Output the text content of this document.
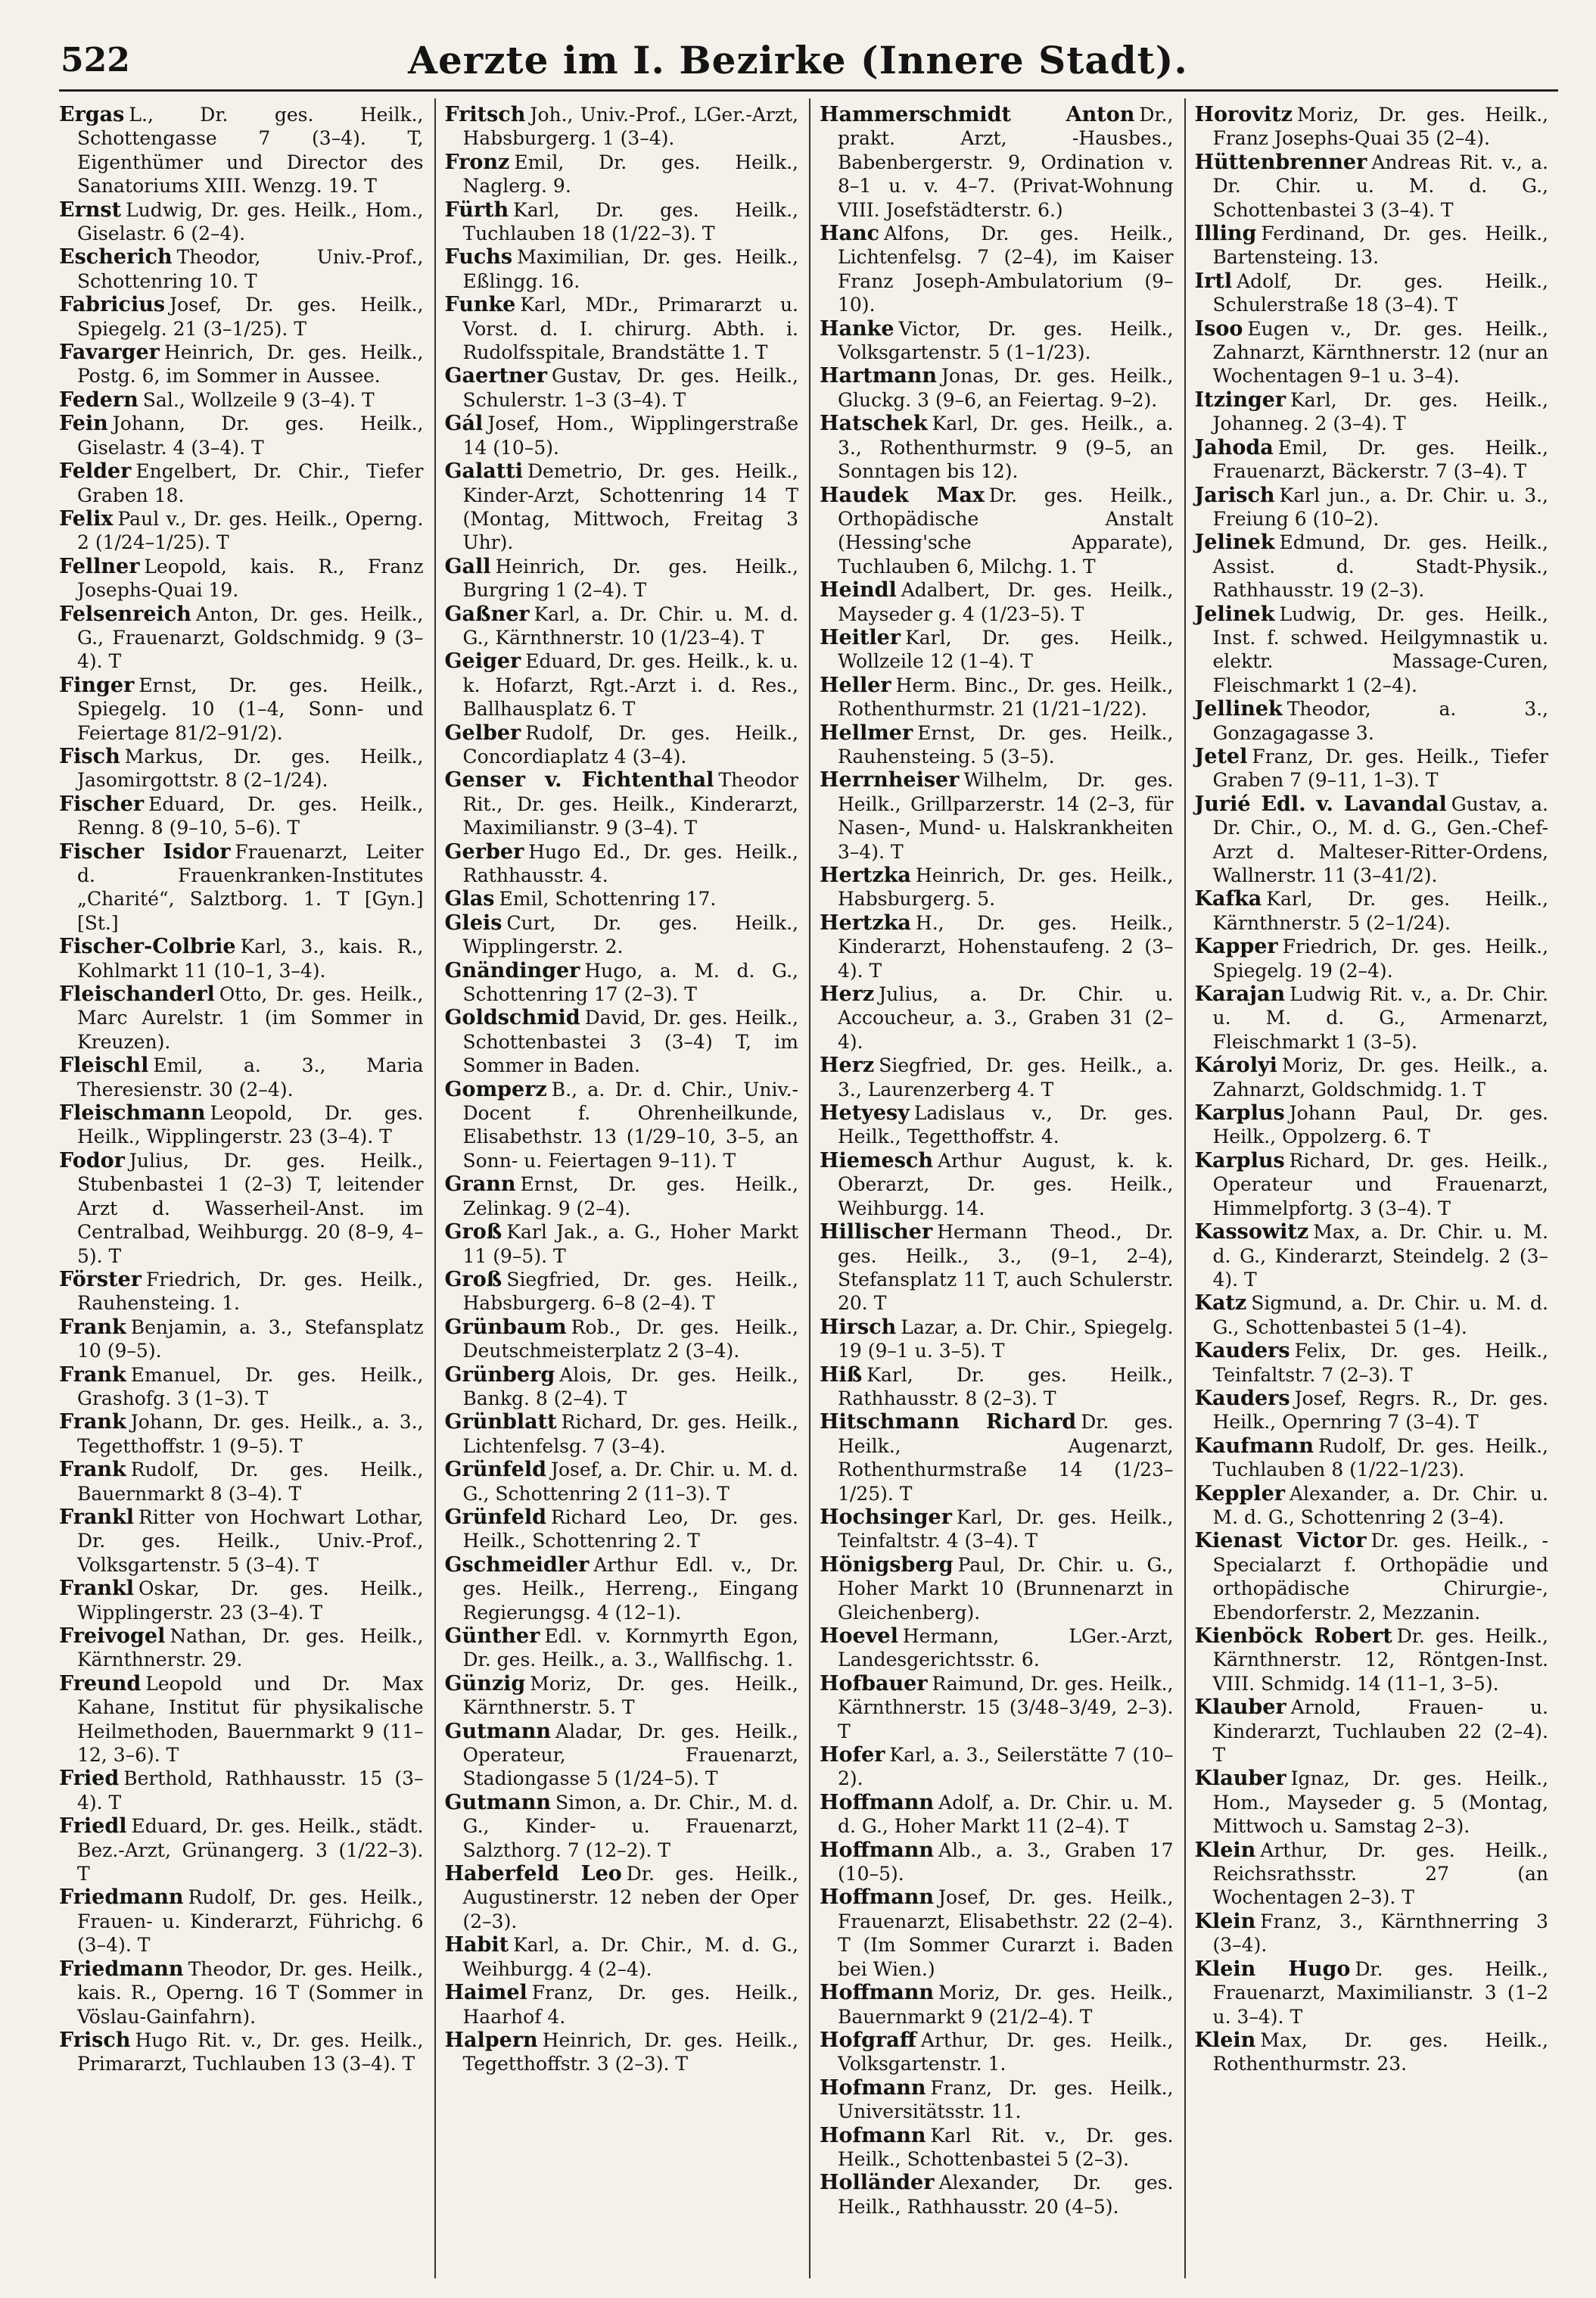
522	Aerzte im I. Bezirke (Innere Stadt).

Ergas L., Dr. ges. Heilk., Schottengasse 7 (3–4). T, Eigenthümer und Director des Sanatoriums XIII. Wenzg. 19. T

Ernst Ludwig, Dr. ges. Heilk., Hom., Giselastr. 6 (2–4).

Escherich Theodor, Univ.-Prof., Schottenring 10. T

Fabricius Josef, Dr. ges. Heilk., Spiegelg. 21 (3–1/25). T

Favarger Heinrich, Dr. ges. Heilk., Postg. 6, im Sommer in Aussee.

Federn Sal., Wollzeile 9 (3–4). T

Fein Johann, Dr. ges. Heilk., Giselastr. 4 (3–4). T

Felder Engelbert, Dr. Chir., Tiefer Graben 18.

Felix Paul v., Dr. ges. Heilk., Operng. 2 (1/24–1/25). T

Fellner Leopold, kais. R., Franz Josephs-Quai 19.

Felsenreich Anton, Dr. ges. Heilk., G., Frauenarzt, Goldschmidg. 9 (3–4). T

Finger Ernst, Dr. ges. Heilk., Spiegelg. 10 (1–4, Sonn- und Feiertage 81/2–91/2).

Fisch Markus, Dr. ges. Heilk., Jasomirgottstr. 8 (2–1/24).

Fischer Eduard, Dr. ges. Heilk., Renng. 8 (9–10, 5–6). T

Fischer Isidor Frauenarzt, Leiter d. Frauenkranken-Institutes „Charité“, Salztborg. 1. T [Gyn.] [St.]

Fischer-Colbrie Karl, 3., kais. R., Kohlmarkt 11 (10–1, 3–4).

Fleischanderl Otto, Dr. ges. Heilk., Marc Aurelstr. 1 (im Sommer in Kreuzen).

Fleischl Emil, a. 3., Maria Theresienstr. 30 (2–4).

Fleischmann Leopold, Dr. ges. Heilk., Wipplingerstr. 23 (3–4). T

Fodor Julius, Dr. ges. Heilk., Stubenbastei 1 (2–3) T, leitender Arzt d. Wasserheil-Anst. im Centralbad, Weihburgg. 20 (8–9, 4–5). T

Förster Friedrich, Dr. ges. Heilk., Rauhensteing. 1.

Frank Benjamin, a. 3., Stefansplatz 10 (9–5).

Frank Emanuel, Dr. ges. Heilk., Grashofg. 3 (1–3). T

Frank Johann, Dr. ges. Heilk., a. 3., Tegetthoffstr. 1 (9–5). T

Frank Rudolf, Dr. ges. Heilk., Bauernmarkt 8 (3–4). T

Frankl Ritter von Hochwart Lothar, Dr. ges. Heilk., Univ.-Prof., Volksgartenstr. 5 (3–4). T

Frankl Oskar, Dr. ges. Heilk., Wipplingerstr. 23 (3–4). T

Freivogel Nathan, Dr. ges. Heilk., Kärnthnerstr. 29.

Freund Leopold und Dr. Max Kahane, Institut für physikalische Heilmethoden, Bauernmarkt 9 (11–12, 3–6). T

Fried Berthold, Rathhausstr. 15 (3–4). T

Friedl Eduard, Dr. ges. Heilk., städt. Bez.-Arzt, Grünangerg. 3 (1/22–3). T

Friedmann Rudolf, Dr. ges. Heilk., Frauen- u. Kinderarzt, Führichg. 6 (3–4). T

Friedmann Theodor, Dr. ges. Heilk., kais. R., Operng. 16 T (Sommer in Vöslau-Gainfahrn).

Frisch Hugo Rit. v., Dr. ges. Heilk., Primararzt, Tuchlauben 13 (3–4). T

Fritsch Joh., Univ.-Prof., LGer.-Arzt, Habsburgerg. 1 (3–4).

Fronz Emil, Dr. ges. Heilk., Naglerg. 9.

Fürth Karl, Dr. ges. Heilk., Tuchlauben 18 (1/22–3). T

Fuchs Maximilian, Dr. ges. Heilk., Eßlingg. 16.

Funke Karl, MDr., Primararzt u. Vorst. d. I. chirurg. Abth. i. Rudolfsspitale, Brandstätte 1. T

Gaertner Gustav, Dr. ges. Heilk., Schulerstr. 1–3 (3–4). T

Gál Josef, Hom., Wipplingerstraße 14 (10–5).

Galatti Demetrio, Dr. ges. Heilk., Kinder-Arzt, Schottenring 14 T (Montag, Mittwoch, Freitag 3 Uhr).

Gall Heinrich, Dr. ges. Heilk., Burgring 1 (2–4). T

Gaßner Karl, a. Dr. Chir. u. M. d. G., Kärnthnerstr. 10 (1/23–4). T

Geiger Eduard, Dr. ges. Heilk., k. u. k. Hofarzt, Rgt.-Arzt i. d. Res., Ballhausplatz 6. T

Gelber Rudolf, Dr. ges. Heilk., Concordiaplatz 4 (3–4).

Genser v. Fichtenthal Theodor Rit., Dr. ges. Heilk., Kinderarzt, Maximilianstr. 9 (3–4). T

Gerber Hugo Ed., Dr. ges. Heilk., Rathhausstr. 4.

Glas Emil, Schottenring 17.

Gleis Curt, Dr. ges. Heilk., Wipplingerstr. 2.

Gnändinger Hugo, a. M. d. G., Schottenring 17 (2–3). T

Goldschmid David, Dr. ges. Heilk., Schottenbastei 3 (3–4) T, im Sommer in Baden.

Gomperz B., a. Dr. d. Chir., Univ.-Docent f. Ohrenheilkunde, Elisabethstr. 13 (1/29–10, 3–5, an Sonn- u. Feiertagen 9–11). T

Grann Ernst, Dr. ges. Heilk., Zelinkag. 9 (2–4).

Groß Karl Jak., a. G., Hoher Markt 11 (9–5). T

Groß Siegfried, Dr. ges. Heilk., Habsburgerg. 6–8 (2–4). T

Grünbaum Rob., Dr. ges. Heilk., Deutschmeisterplatz 2 (3–4).

Grünberg Alois, Dr. ges. Heilk., Bankg. 8 (2–4). T

Grünblatt Richard, Dr. ges. Heilk., Lichtenfelsg. 7 (3–4).

Grünfeld Josef, a. Dr. Chir. u. M. d. G., Schottenring 2 (11–3). T

Grünfeld Richard Leo, Dr. ges. Heilk., Schottenring 2. T

Gschmeidler Arthur Edl. v., Dr. ges. Heilk., Herreng., Eingang Regierungsg. 4 (12–1).

Günther Edl. v. Kornmyrth Egon, Dr. ges. Heilk., a. 3., Wallfischg. 1.

Günzig Moriz, Dr. ges. Heilk., Kärnthnerstr. 5. T

Gutmann Aladar, Dr. ges. Heilk., Operateur, Frauenarzt, Stadiongasse 5 (1/24–5). T

Gutmann Simon, a. Dr. Chir., M. d. G., Kinder- u. Frauenarzt, Salzthorg. 7 (12–2). T

Haberfeld Leo Dr. ges. Heilk., Augustinerstr. 12 neben der Oper (2–3).

Habit Karl, a. Dr. Chir., M. d. G., Weihburgg. 4 (2–4).

Haimel Franz, Dr. ges. Heilk., Haarhof 4.

Halpern Heinrich, Dr. ges. Heilk., Tegetthoffstr. 3 (2–3). T

Hammerschmidt Anton Dr., prakt. Arzt, -Hausbes., Babenbergerstr. 9, Ordination v. 8–1 u. v. 4–7. (Privat-Wohnung VIII. Josefstädterstr. 6.)

Hanc Alfons, Dr. ges. Heilk., Lichtenfelsg. 7 (2–4), im Kaiser Franz Joseph-Ambulatorium (9–10).

Hanke Victor, Dr. ges. Heilk., Volksgartenstr. 5 (1–1/23).

Hartmann Jonas, Dr. ges. Heilk., Gluckg. 3 (9–6, an Feiertag. 9–2).

Hatschek Karl, Dr. ges. Heilk., a. 3., Rothenthurmstr. 9 (9–5, an Sonntagen bis 12).

Haudek Max Dr. ges. Heilk., Orthopädische Anstalt (Hessing'sche Apparate), Tuchlauben 6, Milchg. 1. T

Heindl Adalbert, Dr. ges. Heilk., Mayseder g. 4 (1/23–5). T

Heitler Karl, Dr. ges. Heilk., Wollzeile 12 (1–4). T

Heller Herm. Binc., Dr. ges. Heilk., Rothenthurmstr. 21 (1/21–1/22).

Hellmer Ernst, Dr. ges. Heilk., Rauhensteing. 5 (3–5).

Herrnheiser Wilhelm, Dr. ges. Heilk., Grillparzerstr. 14 (2–3, für Nasen-, Mund- u. Halskrankheiten 3–4). T

Hertzka Heinrich, Dr. ges. Heilk., Habsburgerg. 5.

Hertzka H., Dr. ges. Heilk., Kinderarzt, Hohenstaufeng. 2 (3–4). T

Herz Julius, a. Dr. Chir. u. Accoucheur, a. 3., Graben 31 (2–4).

Herz Siegfried, Dr. ges. Heilk., a. 3., Laurenzerberg 4. T

Hetyesy Ladislaus v., Dr. ges. Heilk., Tegetthoffstr. 4.

Hiemesch Arthur August, k. k. Oberarzt, Dr. ges. Heilk., Weihburgg. 14.

Hillischer Hermann Theod., Dr. ges. Heilk., 3., (9–1, 2–4), Stefansplatz 11 T, auch Schulerstr. 20. T

Hirsch Lazar, a. Dr. Chir., Spiegelg. 19 (9–1 u. 3–5). T

Hiß Karl, Dr. ges. Heilk., Rathhausstr. 8 (2–3). T

Hitschmann Richard Dr. ges. Heilk., Augenarzt, Rothenthurmstraße 14 (1/23–1/25). T

Hochsinger Karl, Dr. ges. Heilk., Teinfaltstr. 4 (3–4). T

Hönigsberg Paul, Dr. Chir. u. G., Hoher Markt 10 (Brunnenarzt in Gleichenberg).

Hoevel Hermann, LGer.-Arzt, Landesgerichtsstr. 6.

Hofbauer Raimund, Dr. ges. Heilk., Kärnthnerstr. 15 (3/48–3/49, 2–3). T

Hofer Karl, a. 3., Seilerstätte 7 (10–2).

Hoffmann Adolf, a. Dr. Chir. u. M. d. G., Hoher Markt 11 (2–4). T

Hoffmann Alb., a. 3., Graben 17 (10–5).

Hoffmann Josef, Dr. ges. Heilk., Frauenarzt, Elisabethstr. 22 (2–4). T (Im Sommer Curarzt i. Baden bei Wien.)

Hoffmann Moriz, Dr. ges. Heilk., Bauernmarkt 9 (21/2–4). T

Hofgraff Arthur, Dr. ges. Heilk., Volksgartenstr. 1.

Hofmann Franz, Dr. ges. Heilk., Universitätsstr. 11.

Hofmann Karl Rit. v., Dr. ges. Heilk., Schottenbastei 5 (2–3).

Holländer Alexander, Dr. ges. Heilk., Rathhausstr. 20 (4–5).

Horovitz Moriz, Dr. ges. Heilk., Franz Josephs-Quai 35 (2–4).

Hüttenbrenner Andreas Rit. v., a. Dr. Chir. u. M. d. G., Schottenbastei 3 (3–4). T

Illing Ferdinand, Dr. ges. Heilk., Bartensteing. 13.

Irtl Adolf, Dr. ges. Heilk., Schulerstraße 18 (3–4). T

Isoo Eugen v., Dr. ges. Heilk., Zahnarzt, Kärnthnerstr. 12 (nur an Wochentagen 9–1 u. 3–4).

Itzinger Karl, Dr. ges. Heilk., Johanneg. 2 (3–4). T

Jahoda Emil, Dr. ges. Heilk., Frauenarzt, Bäckerstr. 7 (3–4). T

Jarisch Karl jun., a. Dr. Chir. u. 3., Freiung 6 (10–2).

Jelinek Edmund, Dr. ges. Heilk., Assist. d. Stadt-Physik., Rathhausstr. 19 (2–3).

Jelinek Ludwig, Dr. ges. Heilk., Inst. f. schwed. Heilgymnastik u. elektr. Massage-Curen, Fleischmarkt 1 (2–4).

Jellinek Theodor, a. 3., Gonzagagasse 3.

Jetel Franz, Dr. ges. Heilk., Tiefer Graben 7 (9–11, 1–3). T

Jurié Edl. v. Lavandal Gustav, a. Dr. Chir., O., M. d. G., Gen.-Chef-Arzt d. Malteser-Ritter-Ordens, Wallnerstr. 11 (3–41/2).

Kafka Karl, Dr. ges. Heilk., Kärnthnerstr. 5 (2–1/24).

Kapper Friedrich, Dr. ges. Heilk., Spiegelg. 19 (2–4).

Karajan Ludwig Rit. v., a. Dr. Chir. u. M. d. G., Armenarzt, Fleischmarkt 1 (3–5).

Károlyi Moriz, Dr. ges. Heilk., a. Zahnarzt, Goldschmidg. 1. T

Karplus Johann Paul, Dr. ges. Heilk., Oppolzerg. 6. T

Karplus Richard, Dr. ges. Heilk., Operateur und Frauenarzt, Himmelpfortg. 3 (3–4). T

Kassowitz Max, a. Dr. Chir. u. M. d. G., Kinderarzt, Steindelg. 2 (3–4). T

Katz Sigmund, a. Dr. Chir. u. M. d. G., Schottenbastei 5 (1–4).

Kauders Felix, Dr. ges. Heilk., Teinfaltstr. 7 (2–3). T

Kauders Josef, Regrs. R., Dr. ges. Heilk., Opernring 7 (3–4). T

Kaufmann Rudolf, Dr. ges. Heilk., Tuchlauben 8 (1/22–1/23).

Keppler Alexander, a. Dr. Chir. u. M. d. G., Schottenring 2 (3–4).

Kienast Victor Dr. ges. Heilk., -Specialarzt f. Orthopädie und orthopädische Chirurgie-, Ebendorferstr. 2, Mezzanin.

Kienböck Robert Dr. ges. Heilk., Kärnthnerstr. 12, Röntgen-Inst. VIII. Schmidg. 14 (11–1, 3–5).

Klauber Arnold, Frauen- u. Kinderarzt, Tuchlauben 22 (2–4). T

Klauber Ignaz, Dr. ges. Heilk., Hom., Mayseder g. 5 (Montag, Mittwoch u. Samstag 2–3).

Klein Arthur, Dr. ges. Heilk., Reichsrathsstr. 27 (an Wochentagen 2–3). T

Klein Franz, 3., Kärnthnerring 3 (3–4).

Klein Hugo Dr. ges. Heilk., Frauenarzt, Maximilianstr. 3 (1–2 u. 3–4). T

Klein Max, Dr. ges. Heilk., Rothenthurmstr. 23.
